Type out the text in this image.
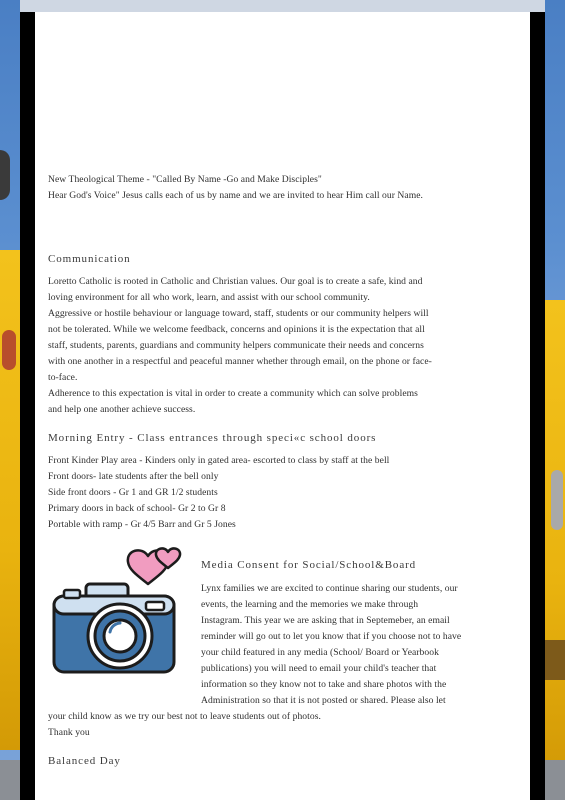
New Theological Theme - "Called By Name -Go and Make Disciples"
Hear God's Voice" Jesus calls each of us by name and we are invited to hear Him call our Name.
Communication
Loretto Catholic is rooted in Catholic and Christian values. Our goal is to create a safe, kind and
loving environment for all who work, learn, and assist with our school community.
Aggressive or hostile behaviour or language toward, staff, students or our community helpers will
not be tolerated. While we welcome feedback, concerns and opinions it is the expectation that all
staff, students, parents, guardians and community helpers communicate their needs and concerns
with one another in a respectful and peaceful manner whether through email, on the phone or face-
to-face.
Adherence to this expectation is vital in order to create a community which can solve problems
and help one another achieve success.
Morning Entry - Class entrances through speci«c school doors
Front Kinder Play area - Kinders only in gated area- escorted to class by staff at the bell
Front doors- late students after the bell only
Side front doors - Gr 1 and GR 1/2 students
Primary doors in back of school- Gr 2 to Gr 8
Portable with ramp - Gr 4/5 Barr and Gr 5 Jones
Media Consent for Social/School&Board
Lynx families we are excited to continue sharing our students, our
events, the learning and the memories we make through
Instagram. This year we are asking that in Septemeber, an email
reminder will go out to let you know that if you choose not to have
your child featured in any media (School/ Board or Yearbook
publications) you will need to email your child's teacher that
information so they know not to take and share photos with the
Administration so that it is not posted or shared. Please also let
your child know as we try our best not to leave students out of photos.
Thank you
Balanced Day
